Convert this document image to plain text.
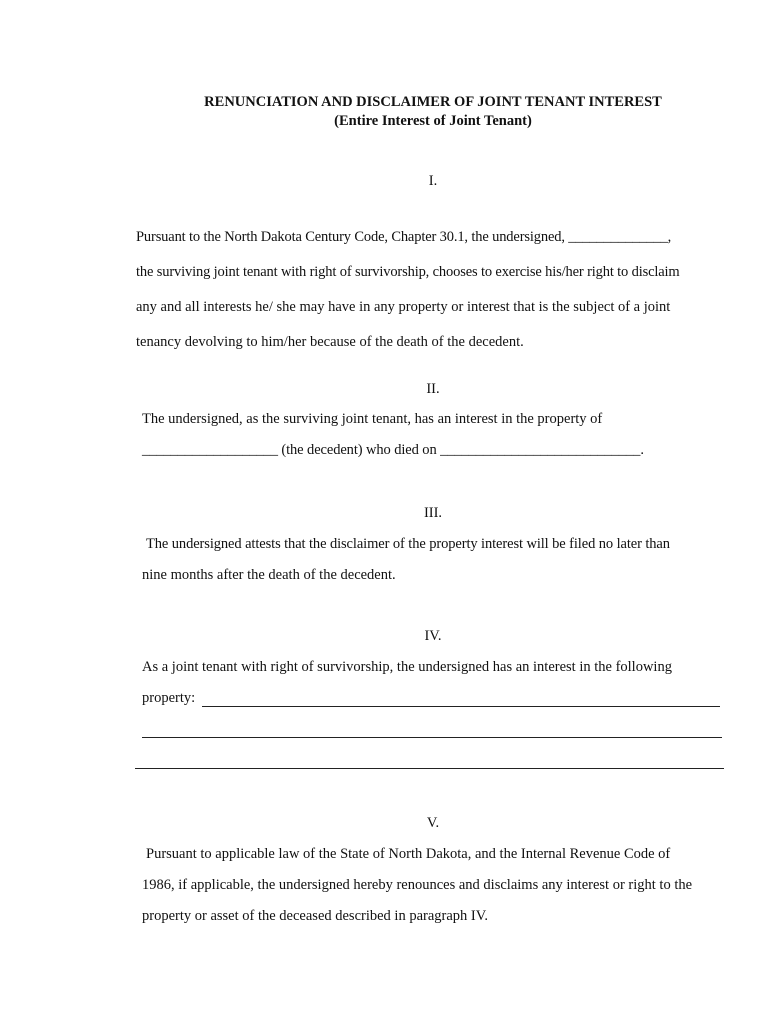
RENUNCIATION AND DISCLAIMER OF JOINT TENANT INTEREST
(Entire Interest of Joint Tenant)
I.
Pursuant to the North Dakota Century Code, Chapter 30.1, the undersigned, ______________,
the surviving joint tenant with right of survivorship, chooses to exercise his/her right to disclaim
any and all interests he/ she may have in any property or interest that is the subject of a joint
tenancy devolving to him/her because of the death of the decedent.
II.
The undersigned, as the surviving joint tenant, has an interest in the property of
___________________ (the decedent) who died on ____________________________.
III.
The undersigned attests that the disclaimer of the property interest will be filed no later than
nine months after the death of the decedent.
IV.
As a joint tenant with right of survivorship, the undersigned has an interest in the following
property:
V.
Pursuant to applicable law of the State of North Dakota, and the Internal Revenue Code of
1986, if applicable, the undersigned hereby renounces and disclaims any interest or right to the
property or asset of the deceased described in paragraph IV.
